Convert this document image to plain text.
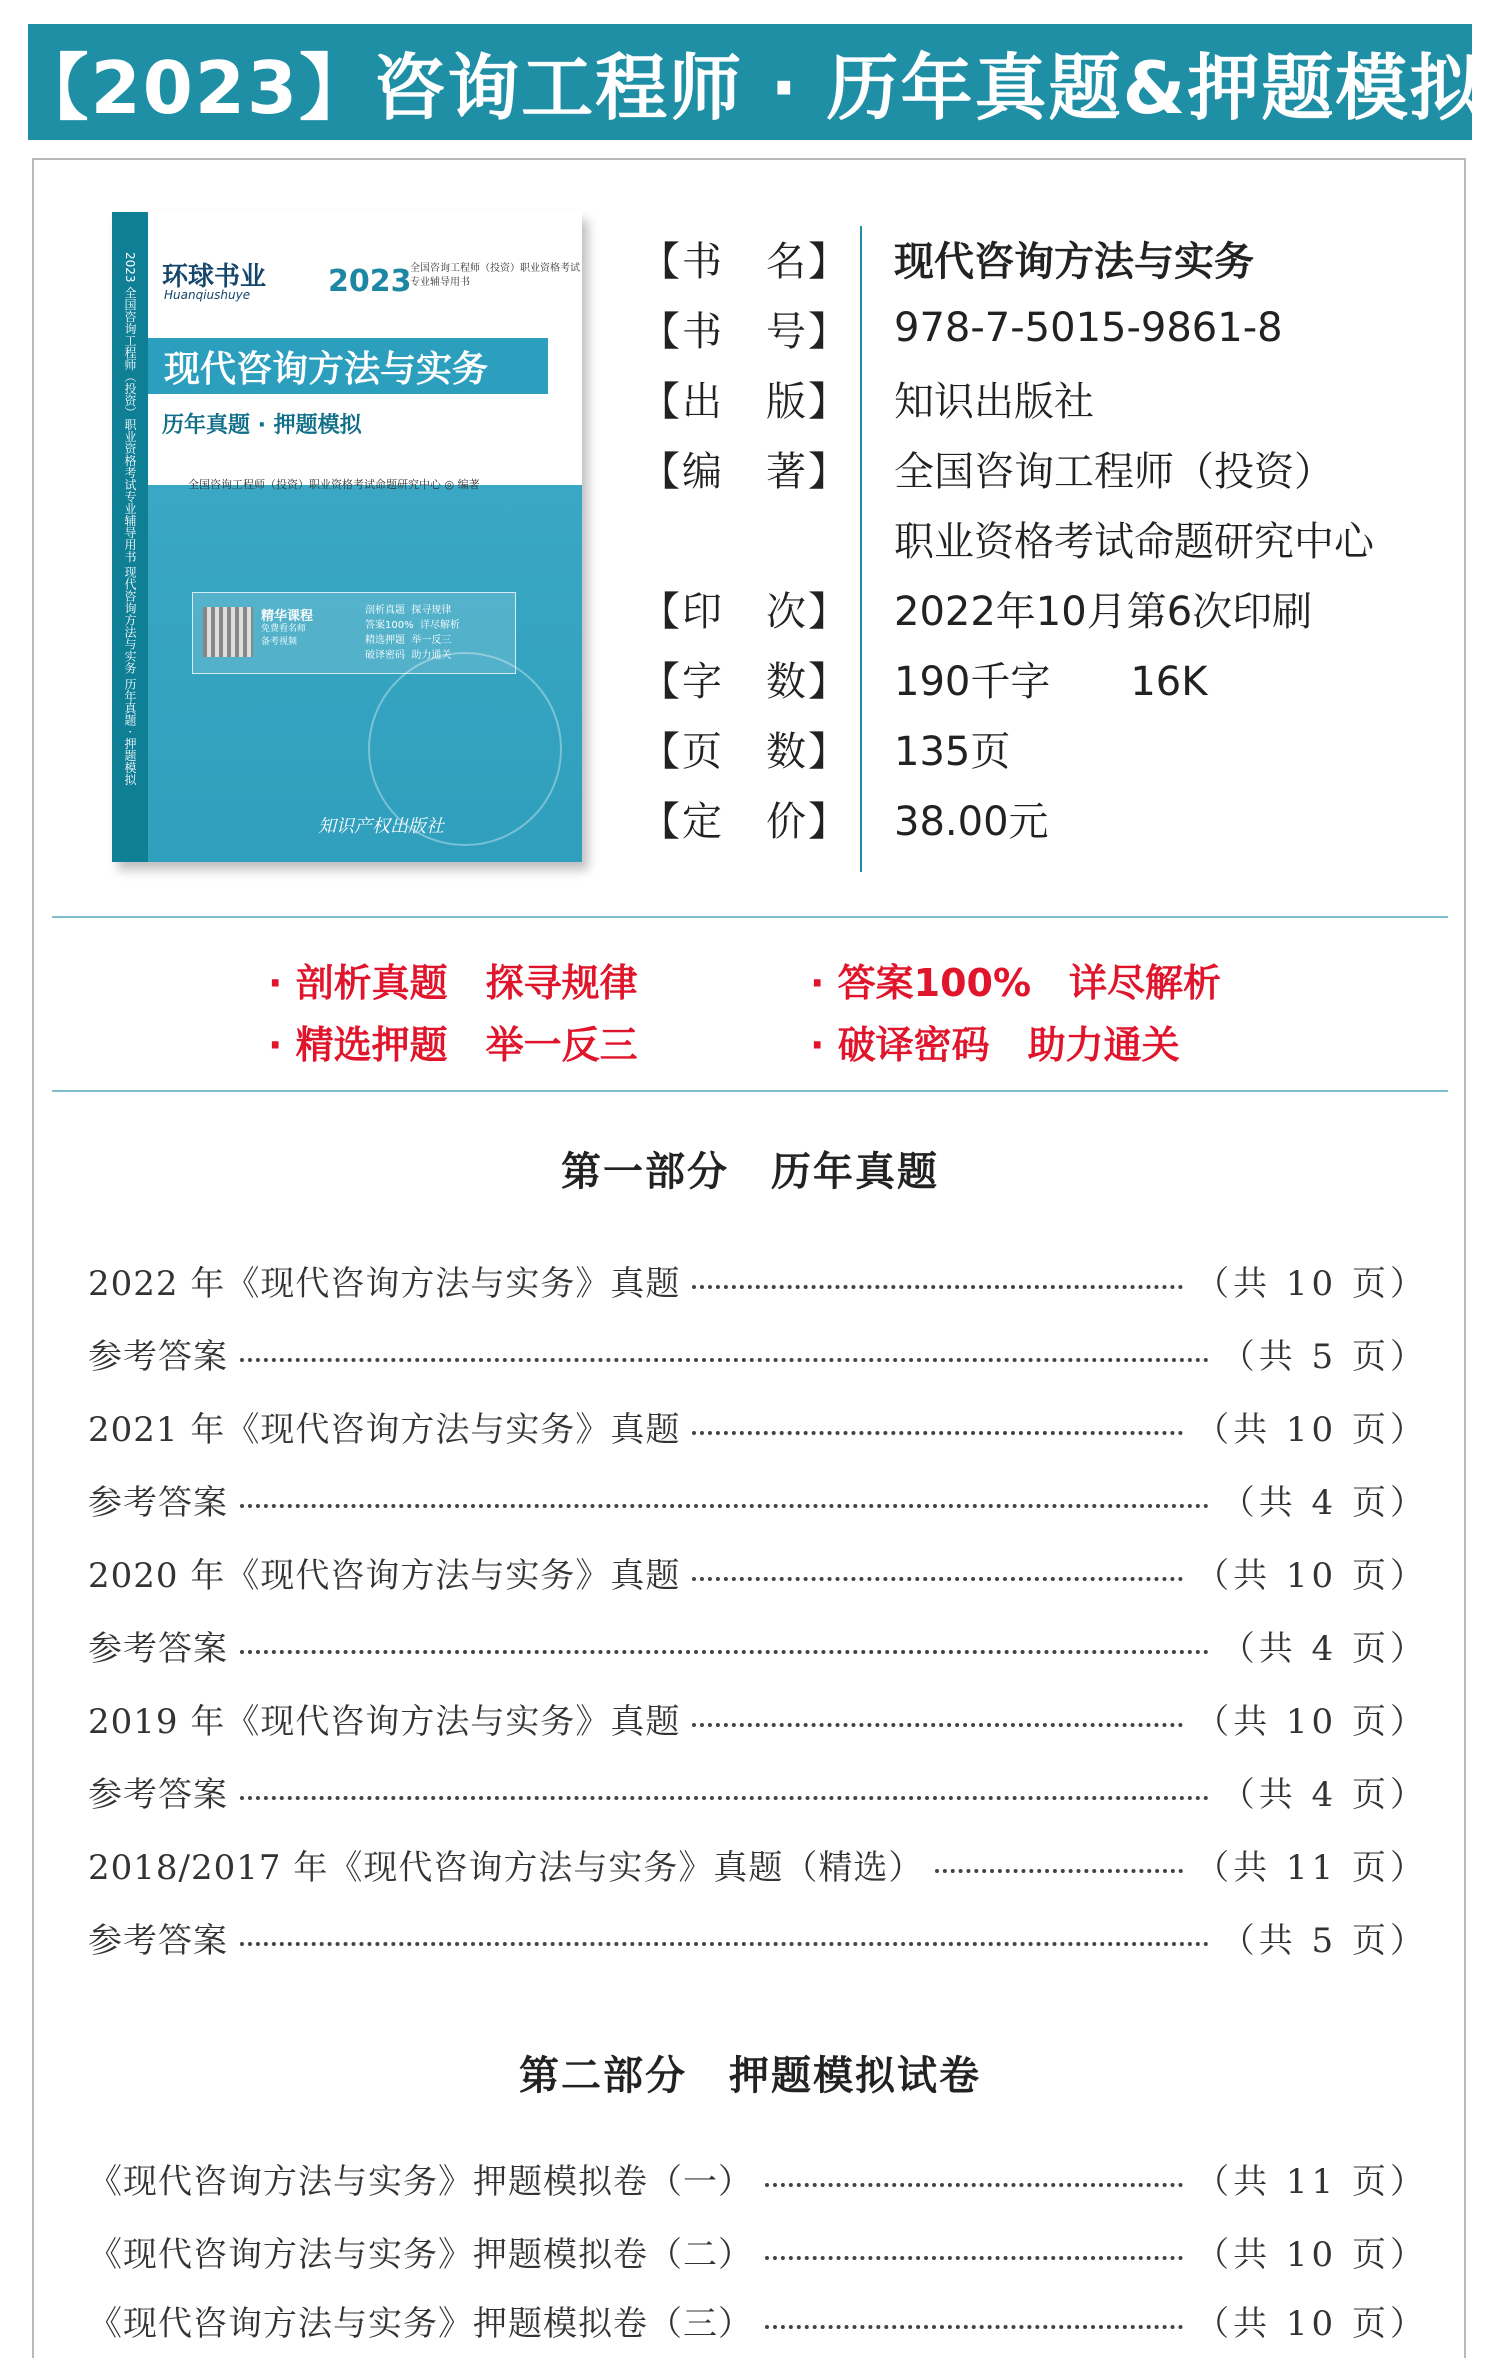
【2023】咨询工程师 · 历年真题&押题模拟
2023 全国咨询工程师（投资）职业资格考试专业辅导用书 现代咨询方法与实务 历年真题 · 押题模拟 环球书业
Huanqiushuye	2023
全国咨询工程师（投资）职业资格考试专业辅导用书
现代咨询方法与实务
历年真题 · 押题模拟
全国咨询工程师（投资）职业资格考试命题研究中心 ◎ 编著
精华课程
免费看名师
备考视频
剖析真题  探寻规律
答案100%  详尽解析
精选押题  举一反三
破译密码  助力通关
知识产权出版社
【书　名】 现代咨询方法与实务
【书　号】 978-7-5015-9861-8
【出　版】 知识出版社
【编　著】 全国咨询工程师（投资）
职业资格考试命题研究中心
【印　次】 2022年10月第6次印刷
【字　数】 190千字　　16K
【页　数】 135页
【定　价】 38.00元
· 剖析真题　探寻规律	· 答案100%　详尽解析
· 精选押题　举一反三	· 破译密码　助力通关
第一部分　历年真题
2022 年《现代咨询方法与实务》真题	（共 10 页）
参考答案	（共 5 页）
2021 年《现代咨询方法与实务》真题	（共 10 页）
参考答案	（共 4 页）
2020 年《现代咨询方法与实务》真题	（共 10 页）
参考答案	（共 4 页）
2019 年《现代咨询方法与实务》真题	（共 10 页）
参考答案	（共 4 页）
2018/2017 年《现代咨询方法与实务》真题（精选）	（共 11 页）
参考答案	（共 5 页）
第二部分　押题模拟试卷
《现代咨询方法与实务》押题模拟卷（一）	（共 11 页）
《现代咨询方法与实务》押题模拟卷（二）	（共 10 页）
《现代咨询方法与实务》押题模拟卷（三）	（共 10 页）
